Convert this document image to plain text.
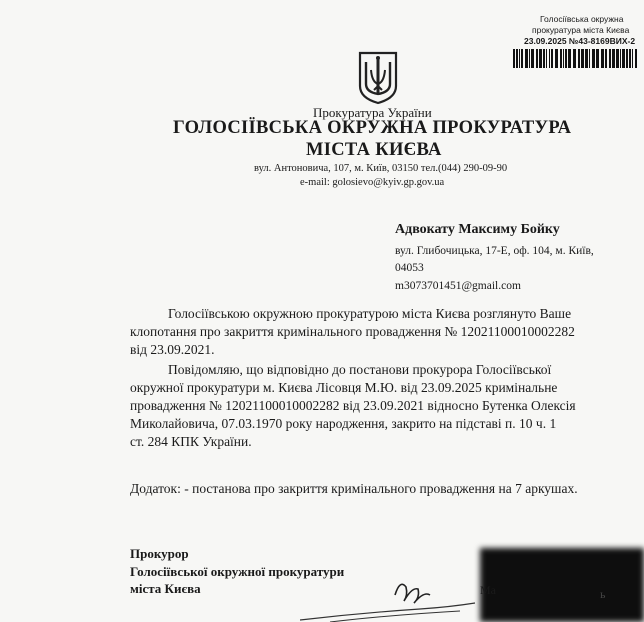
Голосіївська окружна
прокуратура міста Києва
23.09.2025 №43-8169ВИХ-2
Прокуратура України
ГОЛОСІЇВСЬКА ОКРУЖНА ПРОКУРАТУРА
МІСТА КИЄВА
вул. Антоновича, 107, м. Київ, 03150 тел.(044) 290-09-90
e-mail: golosievo@kyiv.gp.gov.ua
Адвокату Максиму Бойку
вул. Глибочицька, 17-Е, оф. 104, м. Київ,
04053
m3073701451@gmail.com
Голосіївською окружною прокуратурою міста Києва розглянуто Ваше
клопотання про закриття кримінального провадження № 12021100010002282
від 23.09.2021.
Повідомляю, що відповідно до постанови прокурора Голосіївської
окружної прокуратури м. Києва Лісовця М.Ю. від 23.09.2025 кримінальне
провадження № 12021100010002282 від 23.09.2021 відносно Бутенка Олексія
Миколайовича, 07.03.1970 року народження, закрито на підставі п. 10 ч. 1
ст. 284 КПК України.
Додаток: - постанова про закриття кримінального провадження на 7 аркушах.
Прокурор
Голосіївської окружної прокуратури
міста Києва	Ма	ь
